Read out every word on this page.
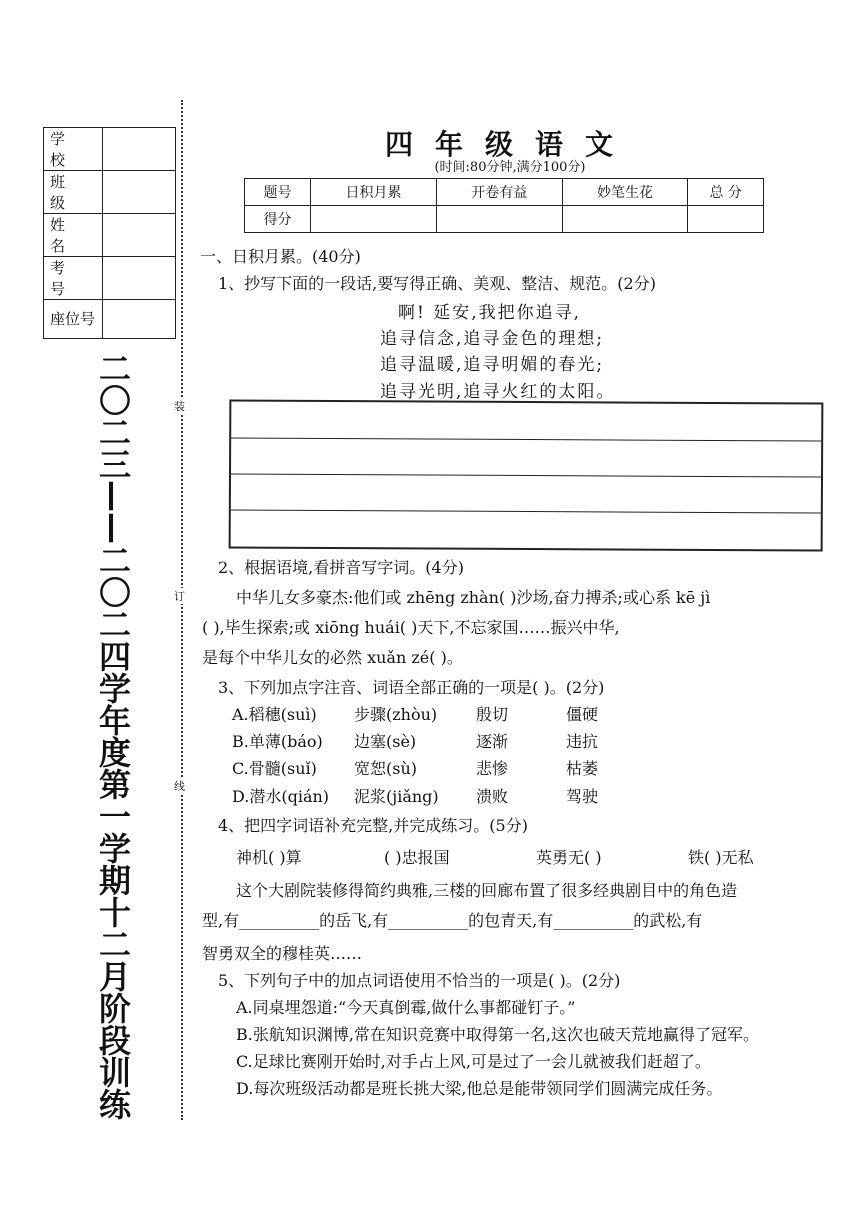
学 校	
班 级	
姓 名	
考 号	
座位号	
二〇二三——二〇二四学年度第一学期十二月阶段训练	装
订
线
四年级语文
(时间:80分钟,满分100分)
题号	日积月累	开卷有益	妙笔生花	总 分
得分				
一、日积月累。(40分)
1、抄写下面的一段话,要写得正确、美观、整洁、规范。(2分)
啊! 延安,我把你追寻,
追寻信念,追寻金色的理想;
追寻温暖,追寻明媚的春光;
追寻光明,追寻火红的太阳。
2、根据语境,看拼音写字词。(4分)
中华儿女多豪杰:他们或 zhēng zhàn( )沙场,奋力搏杀;或心系 kē jì
( ),毕生探索;或 xiōng huái( )天下,不忘家国……振兴中华,
是每个中华儿女的必然 xuǎn zé( )。
3、下列加点字注音、词语全部正确的一项是( )。(2分)
A.稻穗(suì) 步骤(zhòu) 殷切	僵硬
B.单薄(báo) 边塞(sè)	逐渐	违抗
C.骨髓(suǐ) 宽恕(sù)	悲惨	枯萎
D.潜水(qián) 泥浆(jiǎng) 溃败	驾驶
4、把四字词语补充完整,并完成练习。(5分)
神机( )算	( )忠报国	英勇无( )	铁( )无私
这个大剧院装修得简约典雅,三楼的回廊布置了很多经典剧目中的角色造
型,有__________的岳飞,有__________的包青天,有__________的武松,有
智勇双全的穆桂英……
5、下列句子中的加点词语使用不恰当的一项是( )。(2分)
A.同桌埋怨道:“今天真倒霉,做什么事都碰钉子。”
B.张航知识渊博,常在知识竞赛中取得第一名,这次也破天荒地赢得了冠军。
C.足球比赛刚开始时,对手占上风,可是过了一会儿就被我们赶超了。
D.每次班级活动都是班长挑大梁,他总是能带领同学们圆满完成任务。
